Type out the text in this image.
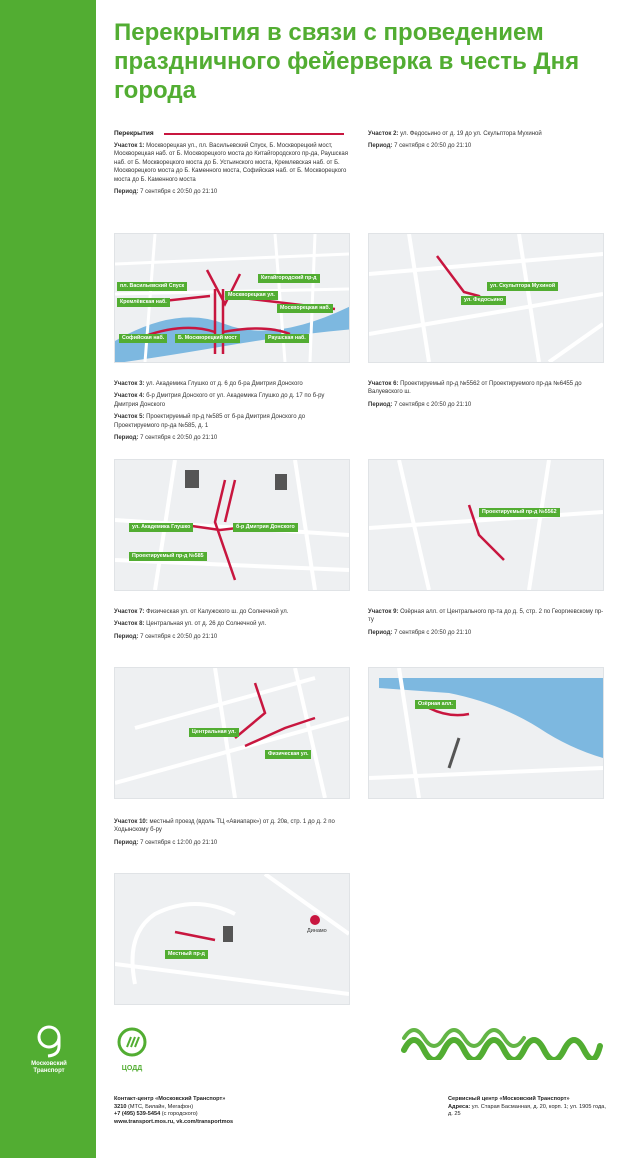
Московский Транспорт
Перекрытия в связи с проведением праздничного фейерверка в честь Дня города
Перекрытия

Участок 1: Москворецкая ул., пл. Васильевский Спуск, Б. Москворецкий мост, Москворецкая наб. от Б. Москворецкого моста до Китайгородского пр-да, Раушская наб. от Б. Москворецкого моста до Б. Устьинского моста, Кремлевская наб. от Б. Москворецкого моста до Б. Каменного моста, Софийская наб. от Б. Москворецкого моста до Б. Каменного моста

Период: 7 сентября с 20:50 до 21:10

Участок 2: ул. Федосьино от д. 19 до ул. Скульптора Мухиной

Период: 7 сентября с 20:50 до 21:10

пл. Васильевский Спуск
Китайгородский пр-д
Кремлёвская наб.
Москворецкая ул.
Москворецкая наб.
Софийская наб.	Б. Москворецкий мост	Раушская наб.
ул. Скульптора Мухиной
ул. Федосьино

Участок 3: ул. Академика Глушко от д. 6 до б-ра Дмитрия Донского

Участок 4: б-р Дмитрия Донского от ул. Академика Глушко до д. 17 по б-ру Дмитрия Донского

Участок 5: Проектируемый пр-д №585 от б-ра Дмитрия Донского до Проектируемого пр-да №585, д. 1

Период: 7 сентября с 20:50 до 21:10

Участок 6: Проектируемый пр-д №5562 от Проектируемого пр-да №6455 до Валуевского ш.

Период: 7 сентября с 20:50 до 21:10

ул. Академика Глушко	б-р Дмитрия Донского
Проектируемый пр-д №585
Проектируемый пр-д №5562

Участок 7: Физическая ул. от Калужского ш. до Солнечной ул.

Участок 8: Центральная ул. от д. 26 до Солнечной ул.

Период: 7 сентября с 20:50 до 21:10

Участок 9: Озёрная алл. от Центрального пр-та до д. 5, стр. 2 по Георгиевскому пр-ту

Период: 7 сентября с 20:50 до 21:10

Центральная ул.
Физическая ул.
Озёрная алл.

Участок 10: местный проезд (вдоль ТЦ «Авиапарк») от д. 20в, стр. 1 до д. 2 по Ходынскому б-ру

Период: 7 сентября с 12:00 до 21:10

Местный пр-д
Динамо
ЦОДД
Контакт-центр «Московский Транспорт»
3210 (МТС, Билайн, Мегафон)
+7 (495) 539-5454 (с городского)
www.transport.mos.ru, vk.com/transportmos
Сервисный центр «Московский Транспорт»
Адреса: ул. Старая Басманная, д. 20, корп. 1; ул. 1905 года, д. 25
